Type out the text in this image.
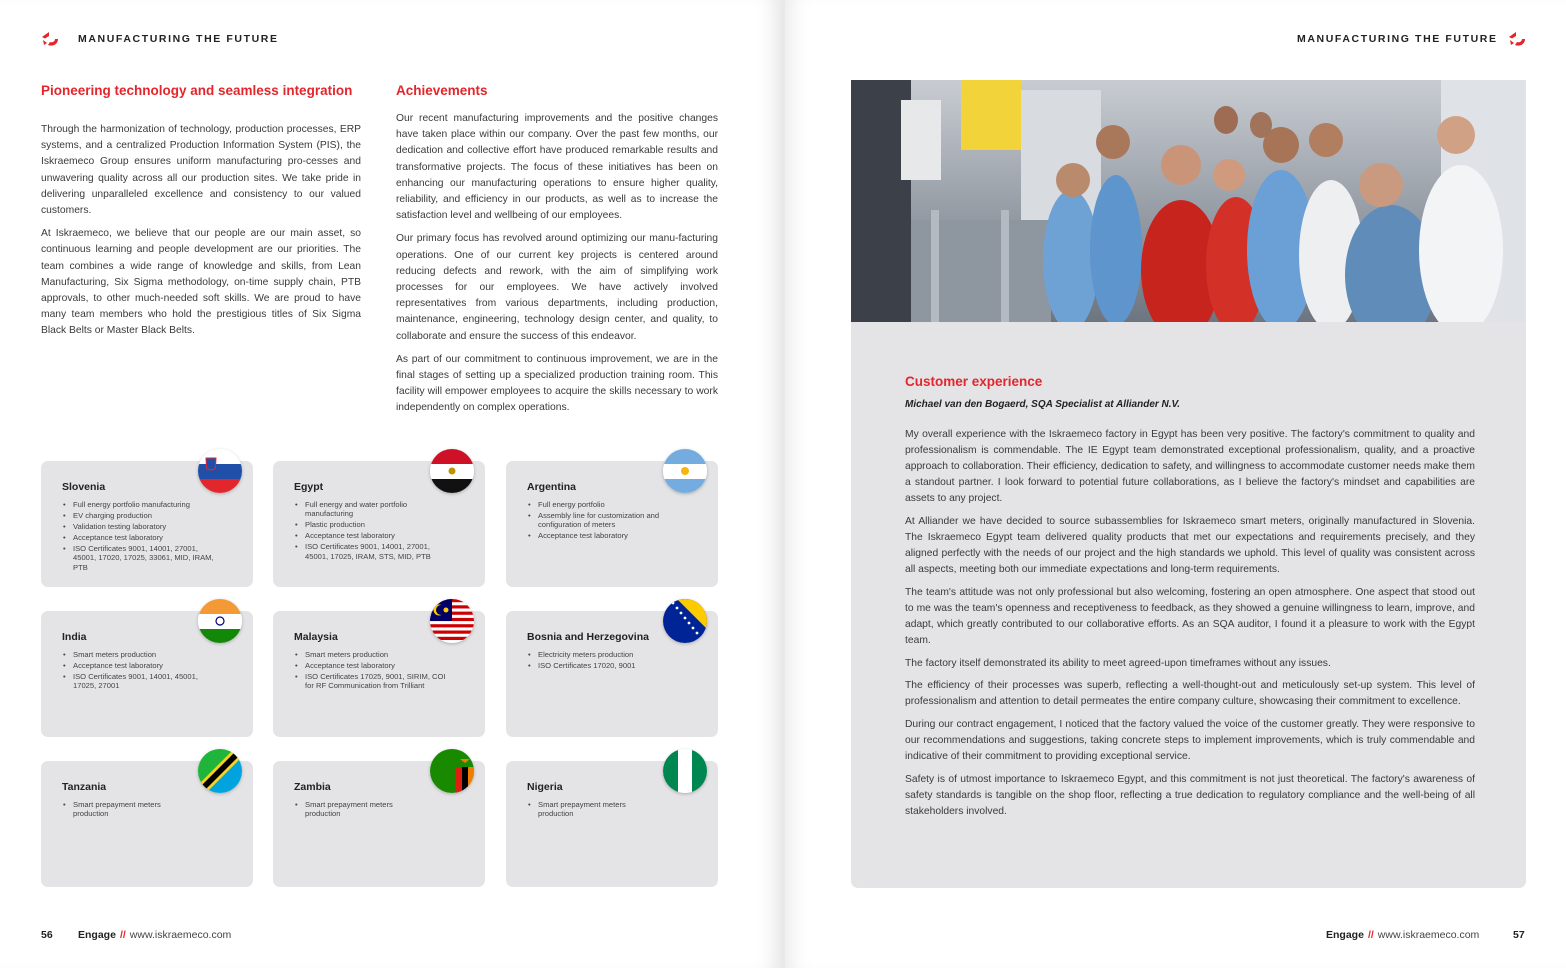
MANUFACTURING THE FUTURE
Pioneering technology and seamless integration

Through the harmonization of technology, production processes, ERP systems, and a centralized Production Information System (PIS), the Iskraemeco Group ensures uniform manufacturing pro-cesses and unwavering quality across all our production sites. We take pride in delivering unparalleled excellence and consistency to our valued customers.

At Iskraemeco, we believe that our people are our main asset, so continuous learning and people development are our priorities. The team combines a wide range of knowledge and skills, from Lean Manufacturing, Six Sigma methodology, on-time supply chain, PTB approvals, to other much-needed soft skills. We are proud to have many team members who hold the prestigious titles of Six Sigma Black Belts or Master Black Belts.

Achievements

Our recent manufacturing improvements and the positive changes have taken place within our company. Over the past few months, our dedication and collective effort have produced remarkable results and transformative projects. The focus of these initiatives has been on enhancing our manufacturing operations to ensure higher quality, reliability, and efficiency in our products, as well as to increase the satisfaction level and wellbeing of our employees.

Our primary focus has revolved around optimizing our manu-facturing operations. One of our current key projects is centered around reducing defects and rework, with the aim of simplifying work processes for our employees. We have actively involved representatives from various departments, including production, maintenance, engineering, technology design center, and quality, to collaborate and ensure the success of this endeavor.

As part of our commitment to continuous improvement, we are in the final stages of setting up a specialized production training room. This facility will empower employees to acquire the skills necessary to work independently on complex operations.

Slovenia
• Full energy portfolio manufacturing
• EV charging production
• Validation testing laboratory
• Acceptance test laboratory
• ISO Certificates 9001, 14001, 27001, 45001, 17020, 17025, 33061, MID, IRAM, PTB
Egypt
• Full energy and water portfolio manufacturing
• Plastic production
• Acceptance test laboratory
• ISO Certificates 9001, 14001, 27001, 45001, 17025, IRAM, STS, MID, PTB
Argentina
• Full energy portfolio
• Assembly line for customization and configuration of meters
• Acceptance test laboratory
India
• Smart meters production
• Acceptance test laboratory
• ISO Certificates 9001, 14001, 45001, 17025, 27001
Malaysia
• Smart meters production
• Acceptance test laboratory
• ISO Certificates 17025, 9001, SIRIM, COI for RF Communication from Trilliant
Bosnia and Herzegovina
• Electricity meters production
• ISO Certificates 17020, 9001
Tanzania
• Smart prepayment meters production
Zambia
• Smart prepayment meters production
Nigeria
• Smart prepayment meters production
56 Engage // www.iskraemeco.com
MANUFACTURING THE FUTURE
Customer experience
Michael van den Bogaerd, SQA Specialist at Alliander N.V.

My overall experience with the Iskraemeco factory in Egypt has been very positive. The factory's commitment to quality and professionalism is commendable. The IE Egypt team demonstrated exceptional professionalism, quality, and a proactive approach to collaboration. Their efficiency, dedication to safety, and willingness to accommodate customer needs make them a standout partner. I look forward to potential future collaborations, as I believe the factory's mindset and capabilities are assets to any project.

At Alliander we have decided to source subassemblies for Iskraemeco smart meters, originally manufactured in Slovenia. The Iskraemeco Egypt team delivered quality products that met our expectations and requirements precisely, and they aligned perfectly with the needs of our project and the high standards we uphold. This level of quality was consistent across all aspects, meeting both our immediate expectations and long-term requirements.

The team's attitude was not only professional but also welcoming, fostering an open atmosphere. One aspect that stood out to me was the team's openness and receptiveness to feedback, as they showed a genuine willingness to learn, improve, and adapt, which greatly contributed to our collaborative efforts. As an SQA auditor, I found it a pleasure to work with the Egypt team.

The factory itself demonstrated its ability to meet agreed-upon timeframes without any issues.

The efficiency of their processes was superb, reflecting a well-thought-out and meticulously set-up system. This level of professionalism and attention to detail permeates the entire company culture, showcasing their commitment to excellence.

During our contract engagement, I noticed that the factory valued the voice of the customer greatly. They were responsive to our recommendations and suggestions, taking concrete steps to implement improvements, which is truly commendable and indicative of their commitment to providing exceptional service.

Safety is of utmost importance to Iskraemeco Egypt, and this commitment is not just theoretical. The factory's awareness of safety standards is tangible on the shop floor, reflecting a true dedication to regulatory compliance and the well-being of all stakeholders involved.

Engage // www.iskraemeco.com	57
